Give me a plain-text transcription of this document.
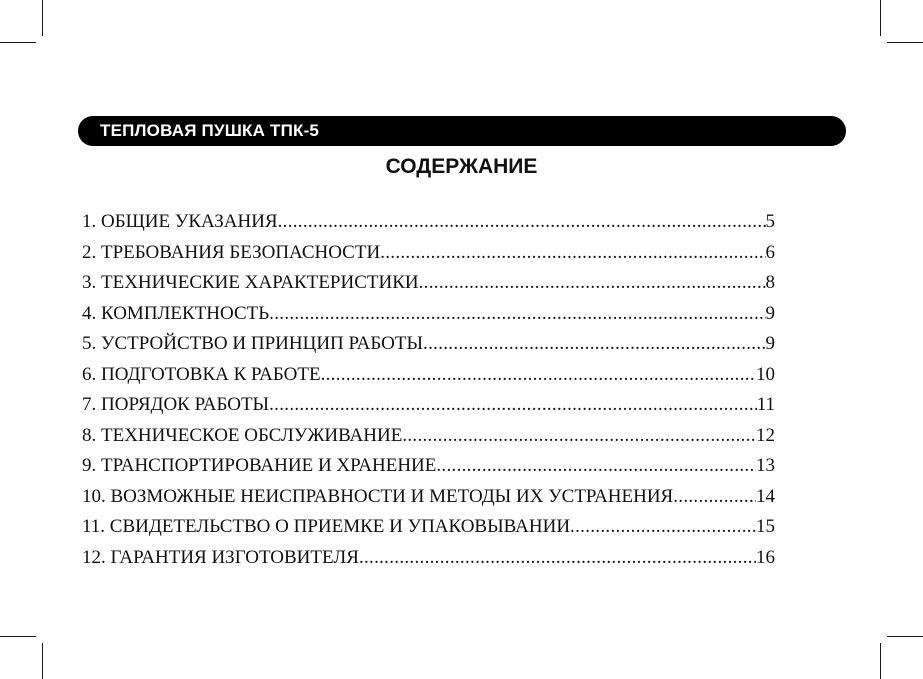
ТЕПЛОВАЯ ПУШКА ТПК-5
СОДЕРЖАНИЕ
1. ОБЩИЕ УКАЗАНИЯ .....	5
2. ТРЕБОВАНИЯ БЕЗОПАСНОСТИ .....	6
3. ТЕХНИЧЕСКИЕ ХАРАКТЕРИСТИКИ .....	8
4. КОМПЛЕКТНОСТЬ .....	9
5. УСТРОЙСТВО И ПРИНЦИП РАБОТЫ .....	9
6. ПОДГОТОВКА К РАБОТЕ .....	10
7. ПОРЯДОК РАБОТЫ .....	11
8. ТЕХНИЧЕСКОЕ ОБСЛУЖИВАНИЕ .....	12
9. ТРАНСПОРТИРОВАНИЕ И ХРАНЕНИЕ .....	13
10. ВОЗМОЖНЫЕ НЕИСПРАВНОСТИ И МЕТОДЫ ИХ УСТРАНЕНИЯ .....	14
11. СВИДЕТЕЛЬСТВО О ПРИЕМКЕ И УПАКОВЫВАНИИ .....	15
12. ГАРАНТИЯ ИЗГОТОВИТЕЛЯ .....	16
